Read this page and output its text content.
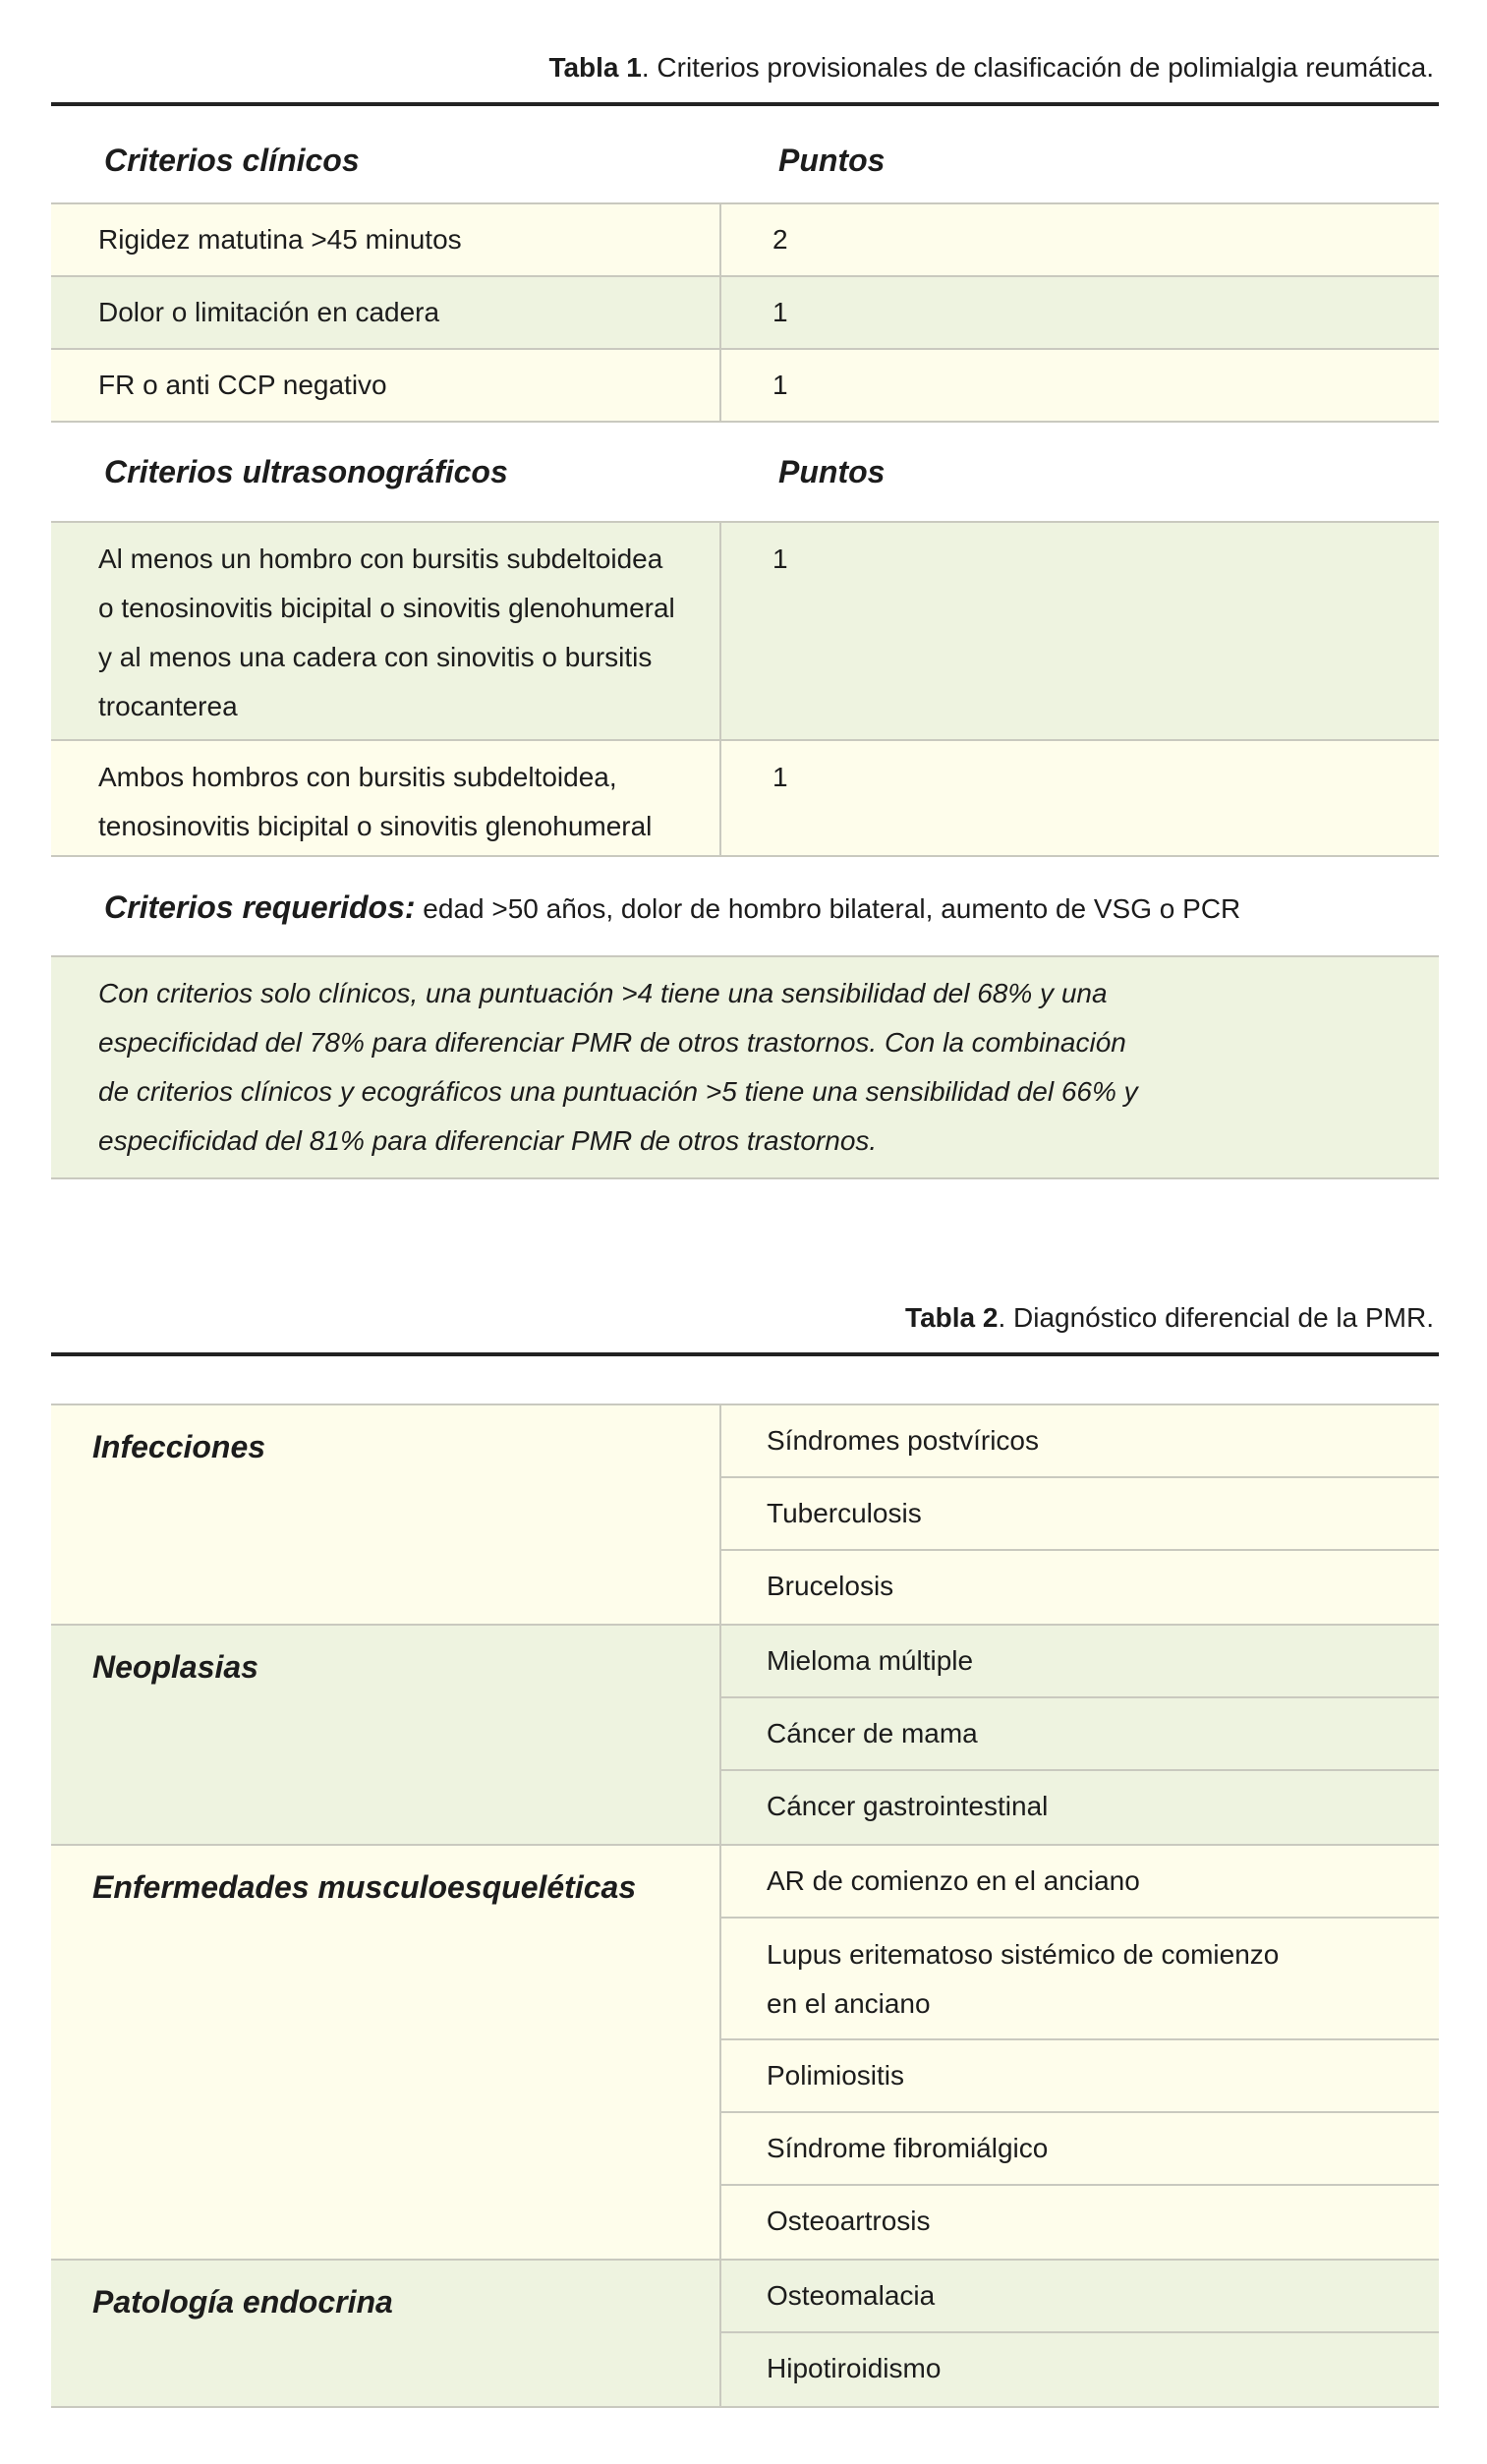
Tabla 1. Criterios provisionales de clasificación de polimialgia reumática.
Criterios clínicos	Puntos
Rigidez matutina >45 minutos	2
Dolor o limitación en cadera	1
FR o anti CCP negativo	1
Criterios ultrasonográficos	Puntos
Al menos un hombro con bursitis subdeltoidea
o tenosinovitis bicipital o sinovitis glenohumeral
y al menos una cadera con sinovitis o bursitis
trocanterea
1
Ambos hombros con bursitis subdeltoidea,
tenosinovitis bicipital o sinovitis glenohumeral
1
Criterios requeridos: edad >50 años, dolor de hombro bilateral, aumento de VSG o PCR
Con criterios solo clínicos, una puntuación >4 tiene una sensibilidad del 68% y una
especificidad del 78% para diferenciar PMR de otros trastornos. Con la combinación
de criterios clínicos y ecográficos una puntuación >5 tiene una sensibilidad del 66% y
especificidad del 81% para diferenciar PMR de otros trastornos.
Tabla 2. Diagnóstico diferencial de la PMR.
Infecciones	Síndromes postvíricos
Tuberculosis
Brucelosis
Neoplasias	Mieloma múltiple
Cáncer de mama
Cáncer gastrointestinal
Enfermedades musculoesqueléticas	AR de comienzo en el anciano
Lupus eritematoso sistémico de comienzo
en el anciano
Polimiositis
Síndrome fibromiálgico
Osteoartrosis
Patología endocrina	Osteomalacia
Hipotiroidismo
